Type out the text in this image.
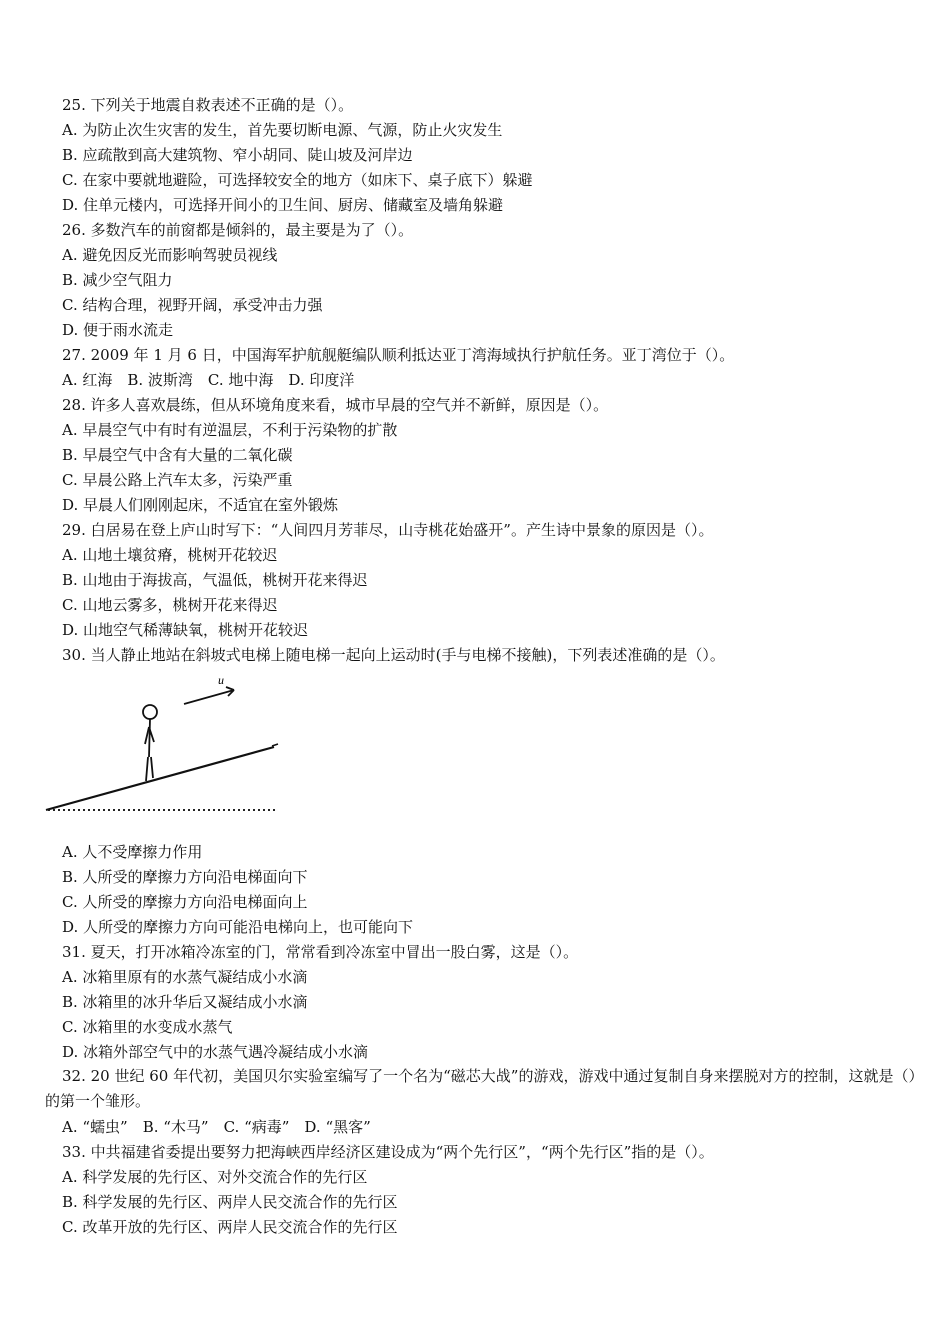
25. 下列关于地震自救表述不正确的是（）。
A. 为防止次生灾害的发生，首先要切断电源、气源，防止火灾发生
B. 应疏散到高大建筑物、窄小胡同、陡山坡及河岸边
C. 在家中要就地避险，可选择较安全的地方（如床下、桌子底下）躲避
D. 住单元楼内，可选择开间小的卫生间、厨房、储藏室及墙角躲避
26. 多数汽车的前窗都是倾斜的，最主要是为了（）。
A. 避免因反光而影响驾驶员视线
B. 减少空气阻力
C. 结构合理，视野开阔，承受冲击力强
D. 便于雨水流走
27. 2009 年 1 月 6 日，中国海军护航舰艇编队顺利抵达亚丁湾海域执行护航任务。亚丁湾位于（）。
A. 红海　B. 波斯湾　C. 地中海　D. 印度洋
28. 许多人喜欢晨练，但从环境角度来看，城市早晨的空气并不新鲜，原因是（）。
A. 早晨空气中有时有逆温层，不利于污染物的扩散
B. 早晨空气中含有大量的二氧化碳
C. 早晨公路上汽车太多，污染严重
D. 早晨人们刚刚起床，不适宜在室外锻炼
29. 白居易在登上庐山时写下：“人间四月芳菲尽，山寺桃花始盛开”。产生诗中景象的原因是（）。
A. 山地土壤贫瘠，桃树开花较迟
B. 山地由于海拔高，气温低，桃树开花来得迟
C. 山地云雾多，桃树开花来得迟
D. 山地空气稀薄缺氧，桃树开花较迟
30. 当人静止地站在斜坡式电梯上随电梯一起向上运动时(手与电梯不接触)，下列表述准确的是（）。
u
A. 人不受摩擦力作用
B. 人所受的摩擦力方向沿电梯面向下
C. 人所受的摩擦力方向沿电梯面向上
D. 人所受的摩擦力方向可能沿电梯向上，也可能向下
31. 夏天，打开冰箱冷冻室的门，常常看到冷冻室中冒出一股白雾，这是（）。
A. 冰箱里原有的水蒸气凝结成小水滴
B. 冰箱里的冰升华后又凝结成小水滴
C. 冰箱里的水变成水蒸气
D. 冰箱外部空气中的水蒸气遇冷凝结成小水滴
32. 20 世纪 60 年代初，美国贝尔实验室编写了一个名为“磁芯大战”的游戏，游戏中通过复制自身来摆脱对方的控制，这就是（）的第一个雏形。
A. “蠕虫”　B. “木马”　C. “病毒”　D. “黑客”
33. 中共福建省委提出要努力把海峡西岸经济区建设成为“两个先行区”，“两个先行区”指的是（）。
A. 科学发展的先行区、对外交流合作的先行区
B. 科学发展的先行区、两岸人民交流合作的先行区
C. 改革开放的先行区、两岸人民交流合作的先行区
